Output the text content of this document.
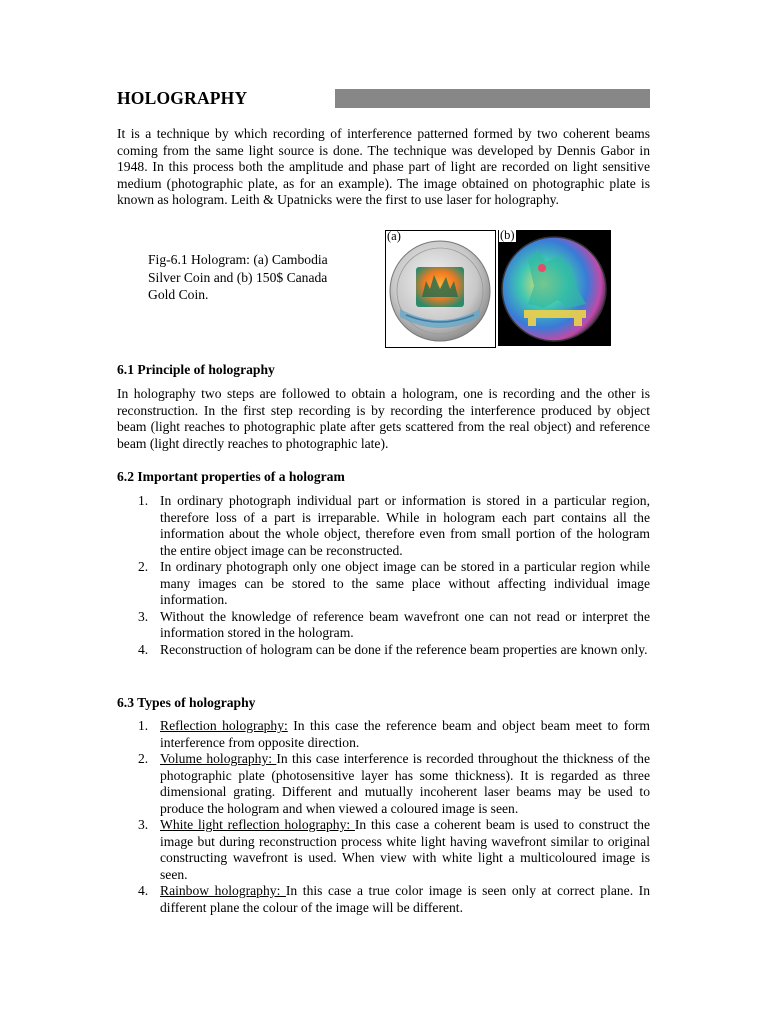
HOLOGRAPHY

It is a technique by which recording of interference patterned formed by two coherent beams coming from the same light source is done. The technique was developed by Dennis Gabor in 1948. In this process both the amplitude and phase part of light are recorded on light sensitive medium (photographic plate, as for an example). The image obtained on photographic plate is known as hologram. Leith & Upatnicks were the first to use laser for holography.

Fig-6.1 Hologram: (a) Cambodia Silver Coin and (b) 150$ Canada Gold Coin.
(a)	(b)
6.1 Principle of holography

In holography two steps are followed to obtain a hologram, one is recording and the other is reconstruction. In the first step recording is by recording the interference produced by object beam (light reaches to photographic plate after gets scattered from the real object) and reference beam (light directly reaches to photographic late).

6.2 Important properties of a hologram
1. In ordinary photograph individual part or information is stored in a particular region, therefore loss of a part is irreparable. While in hologram each part contains all the information about the whole object, therefore even from small portion of the hologram the entire object image can be reconstructed.
2. In ordinary photograph only one object image can be stored in a particular region while many images can be stored to the same place without affecting individual image information.
3. Without the knowledge of reference beam wavefront one can not read or interpret the information stored in the hologram.
4. Reconstruction of hologram can be done if the reference beam properties are known only.
6.3 Types of holography
1. Reflection holography: In this case the reference beam and object beam meet to form interference from opposite direction.
2. Volume holography: In this case interference is recorded throughout the thickness of the photographic plate (photosensitive layer has some thickness). It is regarded as three dimensional grating. Different and mutually incoherent laser beams may be used to produce the hologram and when viewed a coloured image is seen.
3. White light reflection holography: In this case a coherent beam is used to construct the image but during reconstruction process white light having wavefront similar to original constructing wavefront is used. When view with white light a multicoloured image is seen.
4. Rainbow holography: In this case a true color image is seen only at correct plane. In different plane the colour of the image will be different.
